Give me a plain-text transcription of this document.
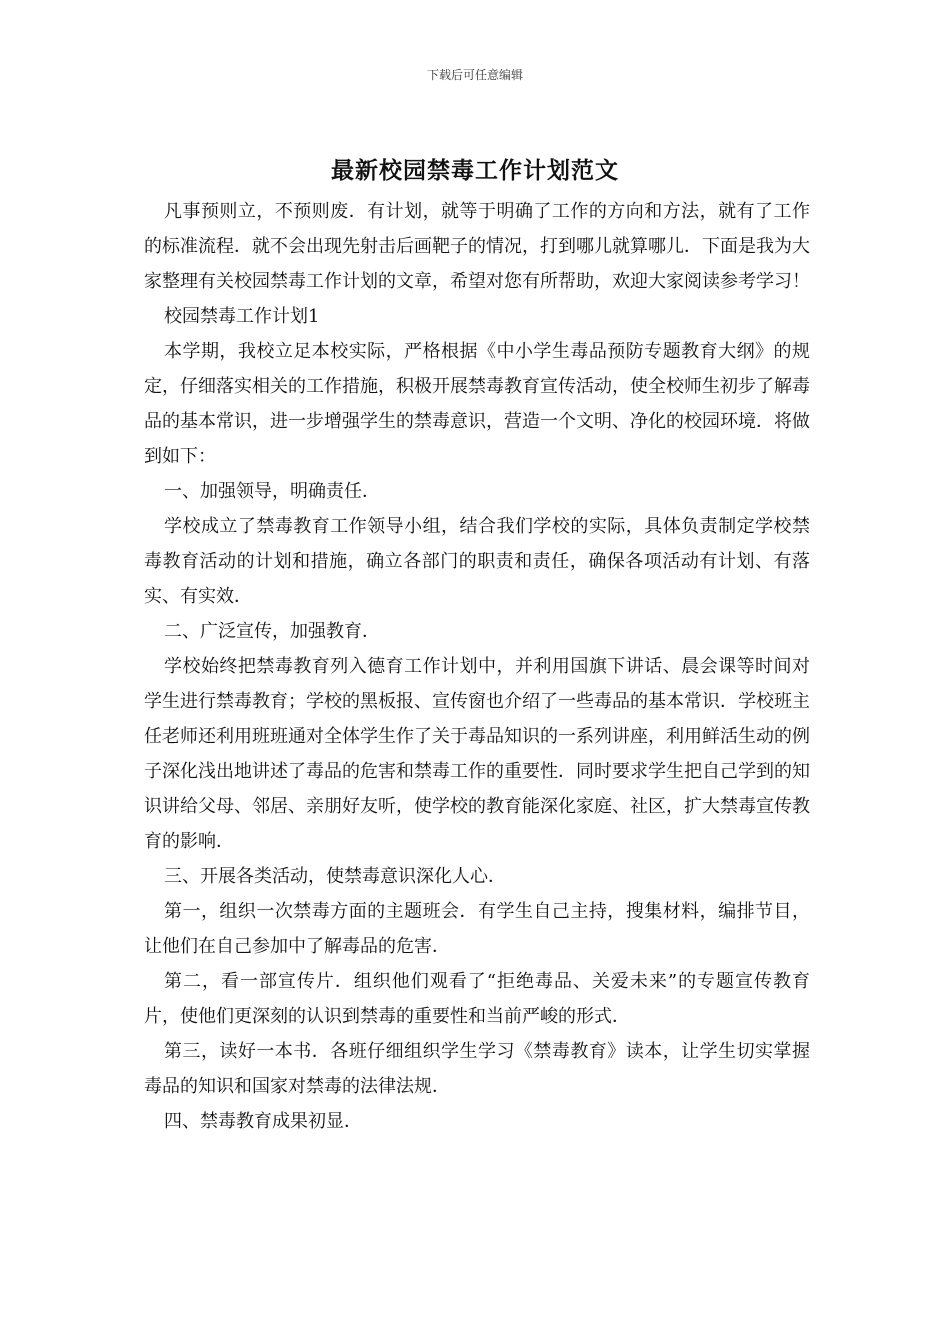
下载后可任意编辑
最新校园禁毒工作计划范文

凡事预则立，不预则废．有计划，就等于明确了工作的方向和方法，就有了工作的标准流程．就不会出现先射击后画靶子的情况，打到哪儿就算哪儿．下面是我为大家整理有关校园禁毒工作计划的文章，希望对您有所帮助，欢迎大家阅读参考学习！

校园禁毒工作计划1

本学期，我校立足本校实际，严格根据《中小学生毒品预防专题教育大纲》的规定，仔细落实相关的工作措施，积极开展禁毒教育宣传活动，使全校师生初步了解毒品的基本常识，进一步增强学生的禁毒意识，营造一个文明、净化的校园环境．将做到如下：

一、加强领导，明确责任．

学校成立了禁毒教育工作领导小组，结合我们学校的实际，具体负责制定学校禁毒教育活动的计划和措施，确立各部门的职责和责任，确保各项活动有计划、有落实、有实效．

二、广泛宣传，加强教育．

学校始终把禁毒教育列入德育工作计划中，并利用国旗下讲话、晨会课等时间对学生进行禁毒教育；学校的黑板报、宣传窗也介绍了一些毒品的基本常识．学校班主任老师还利用班班通对全体学生作了关于毒品知识的一系列讲座，利用鲜活生动的例子深化浅出地讲述了毒品的危害和禁毒工作的重要性．同时要求学生把自己学到的知识讲给父母、邻居、亲朋好友听，使学校的教育能深化家庭、社区，扩大禁毒宣传教育的影响．

三、开展各类活动，使禁毒意识深化人心．

第一，组织一次禁毒方面的主题班会．有学生自己主持，搜集材料，编排节目，让他们在自己参加中了解毒品的危害．

第二，看一部宣传片．组织他们观看了“拒绝毒品、关爱未来”的专题宣传教育片，使他们更深刻的认识到禁毒的重要性和当前严峻的形式．

第三，读好一本书．各班仔细组织学生学习《禁毒教育》读本，让学生切实掌握毒品的知识和国家对禁毒的法律法规．

四、禁毒教育成果初显．
